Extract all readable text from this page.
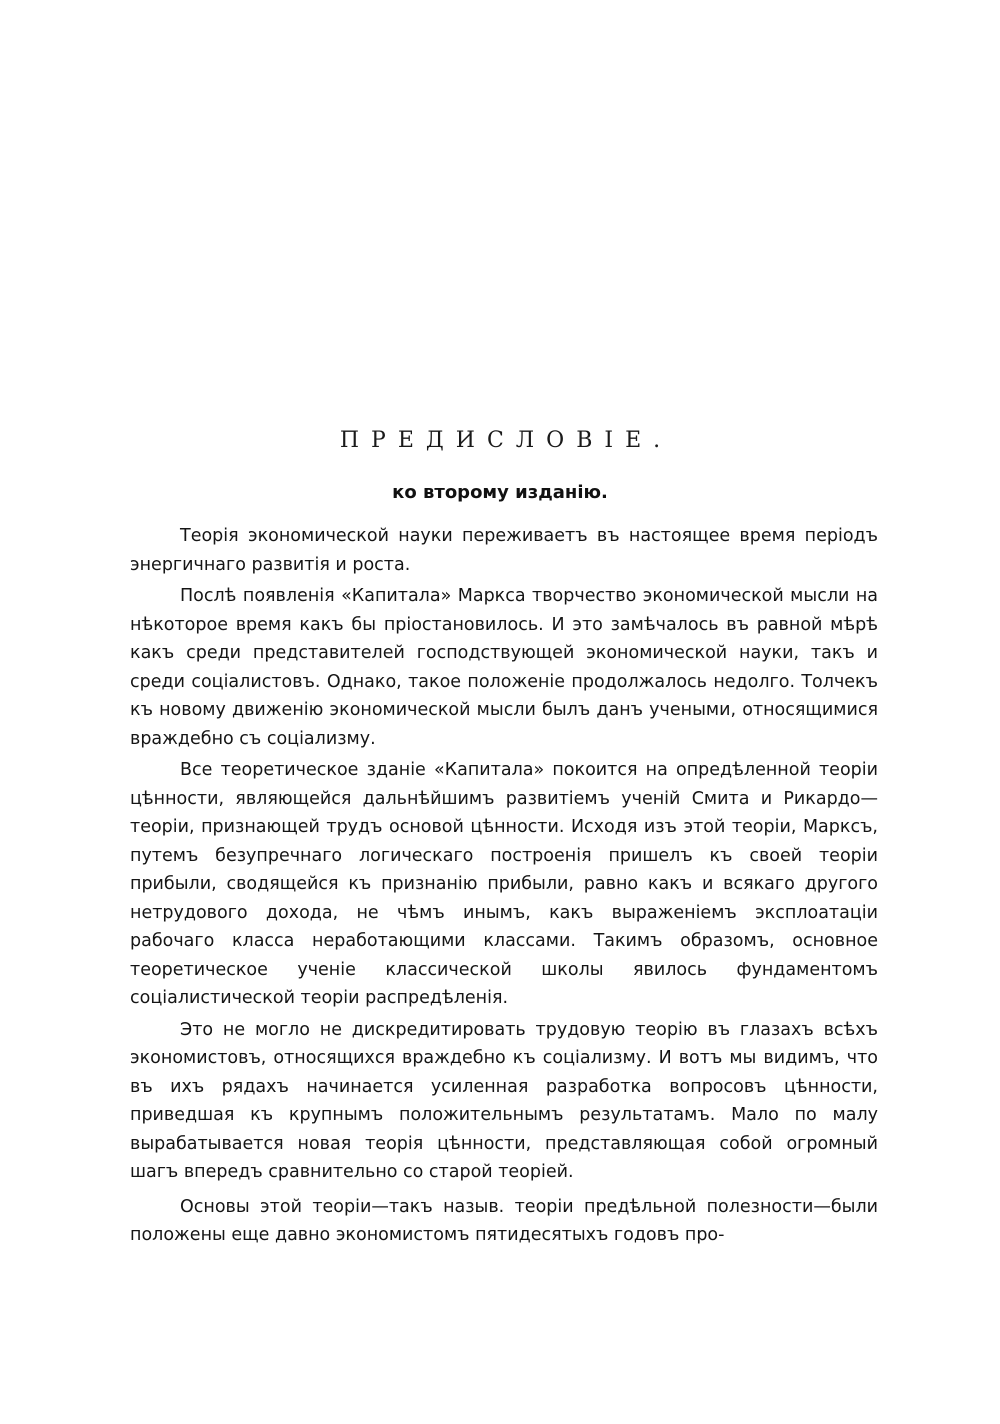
ПРЕДИСЛОВІЕ.
ко второму изданію.

Теорія экономической науки переживаетъ въ настоящее время періодъ энергичнаго развитія и роста.

Послѣ появленія «Капитала» Маркса творчество экономической мысли на нѣкоторое время какъ бы пріостановилось. И это замѣчалось въ равной мѣрѣ какъ среди представителей господствующей экономической науки, такъ и среди соціалистовъ. Однако, такое положеніе продолжалось недолго. Толчекъ къ новому движенію экономической мысли былъ данъ учеными, относящимися враждебно съ соціализму.

Все теоретическое зданіе «Капитала» покоится на опредѣленной теоріи цѣнности, являющейся дальнѣйшимъ развитіемъ ученій Смита и Рикардо—теоріи, признающей трудъ основой цѣнности. Исходя изъ этой теоріи, Марксъ, путемъ безупречнаго логическаго построенія пришелъ къ своей теоріи прибыли, сводящейся къ признанію прибыли, равно какъ и всякаго другого нетрудового дохода, не чѣмъ инымъ, какъ выраженіемъ эксплоатаціи рабочаго класса неработающими классами. Такимъ образомъ, основное теоретическое ученіе классической школы явилось фундаментомъ соціалистической теоріи распредѣленія.

Это не могло не дискредитировать трудовую теорію въ глазахъ всѣхъ экономистовъ, относящихся враждебно къ соціализму. И вотъ мы видимъ, что въ ихъ рядахъ начинается усиленная разработка вопросовъ цѣнности, приведшая къ крупнымъ положительнымъ результатамъ. Мало по малу вырабатывается новая теорія цѣнности, представляющая собой огромный шагъ впередъ сравнительно со старой теоріей.

Основы этой теоріи—такъ назыв. теоріи предѣльной полезности—были положены еще давно экономистомъ пятидесятыхъ годовъ про-
